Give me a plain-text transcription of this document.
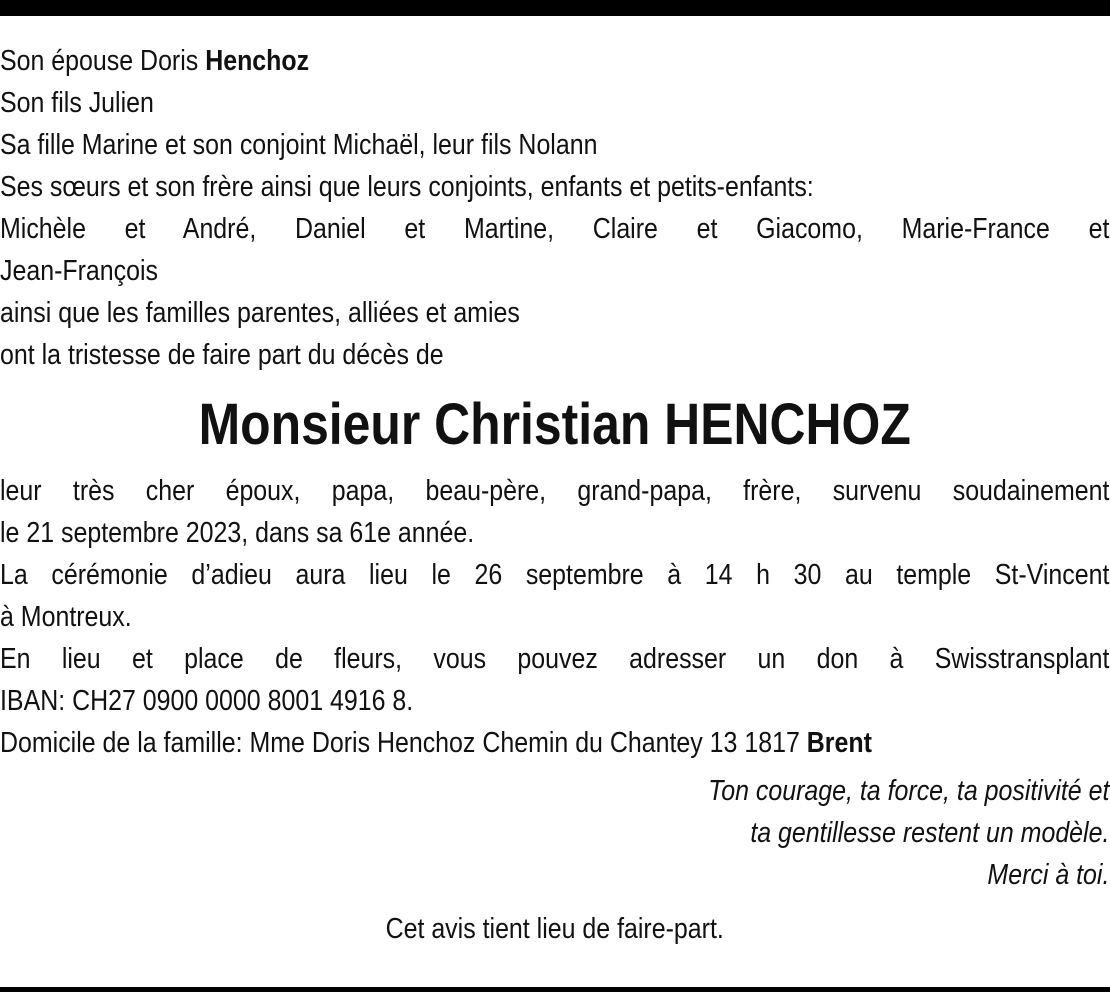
Son épouse Doris Henchoz
Son fils Julien
Sa fille Marine et son conjoint Michaël, leur fils Nolann
Ses sœurs et son frère ainsi que leurs conjoints, enfants et petits-enfants:
Michèle et André, Daniel et Martine, Claire et Giacomo, Marie-France et
Jean-François
ainsi que les familles parentes, alliées et amies
ont la tristesse de faire part du décès de
Monsieur Christian HENCHOZ
leur très cher époux, papa, beau-père, grand-papa, frère, survenu soudainement
le 21 septembre 2023, dans sa 61e année.
La cérémonie d’adieu aura lieu le 26 septembre à 14 h 30 au temple St-Vincent
à Montreux.
En lieu et place de fleurs, vous pouvez adresser un don à Swisstransplant
IBAN: CH27 0900 0000 8001 4916 8.
Domicile de la famille: Mme Doris Henchoz Chemin du Chantey 13 1817 Brent
Ton courage, ta force, ta positivité et
ta gentillesse restent un modèle.
Merci à toi.
Cet avis tient lieu de faire-part.
